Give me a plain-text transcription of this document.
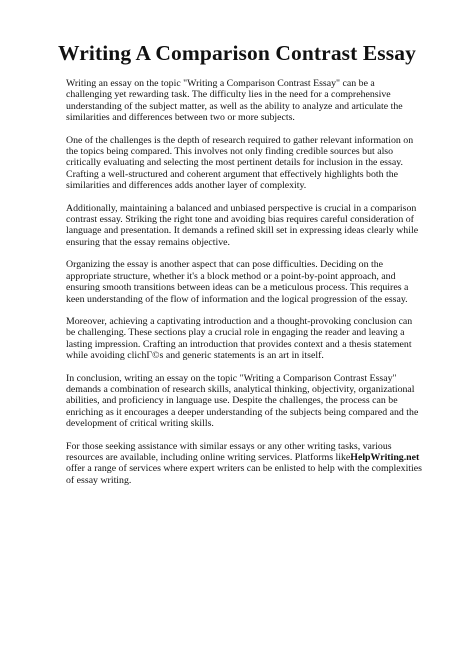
Writing A Comparison Contrast Essay

Writing an essay on the topic "Writing a Comparison Contrast Essay" can be a challenging yet rewarding task. The difficulty lies in the need for a comprehensive understanding of the subject matter, as well as the ability to analyze and articulate the similarities and differences between two or more subjects.

One of the challenges is the depth of research required to gather relevant information on the topics being compared. This involves not only finding credible sources but also critically evaluating and selecting the most pertinent details for inclusion in the essay. Crafting a well-structured and coherent argument that effectively highlights both the similarities and differences adds another layer of complexity.

Additionally, maintaining a balanced and unbiased perspective is crucial in a comparison contrast essay. Striking the right tone and avoiding bias requires careful consideration of language and presentation. It demands a refined skill set in expressing ideas clearly while ensuring that the essay remains objective.

Organizing the essay is another aspect that can pose difficulties. Deciding on the appropriate structure, whether it's a block method or a point-by-point approach, and ensuring smooth transitions between ideas can be a meticulous process. This requires a keen understanding of the flow of information and the logical progression of the essay.

Moreover, achieving a captivating introduction and a thought-provoking conclusion can be challenging. These sections play a crucial role in engaging the reader and leaving a lasting impression. Crafting an introduction that provides context and a thesis statement while avoiding clichГ©s and generic statements is an art in itself.

In conclusion, writing an essay on the topic "Writing a Comparison Contrast Essay" demands a combination of research skills, analytical thinking, objectivity, organizational abilities, and proficiency in language use. Despite the challenges, the process can be enriching as it encourages a deeper understanding of the subjects being compared and the development of critical writing skills.

For those seeking assistance with similar essays or any other writing tasks, various resources are available, including online writing services. Platforms likeHelpWriting.net offer a range of services where expert writers can be enlisted to help with the complexities of essay writing.
